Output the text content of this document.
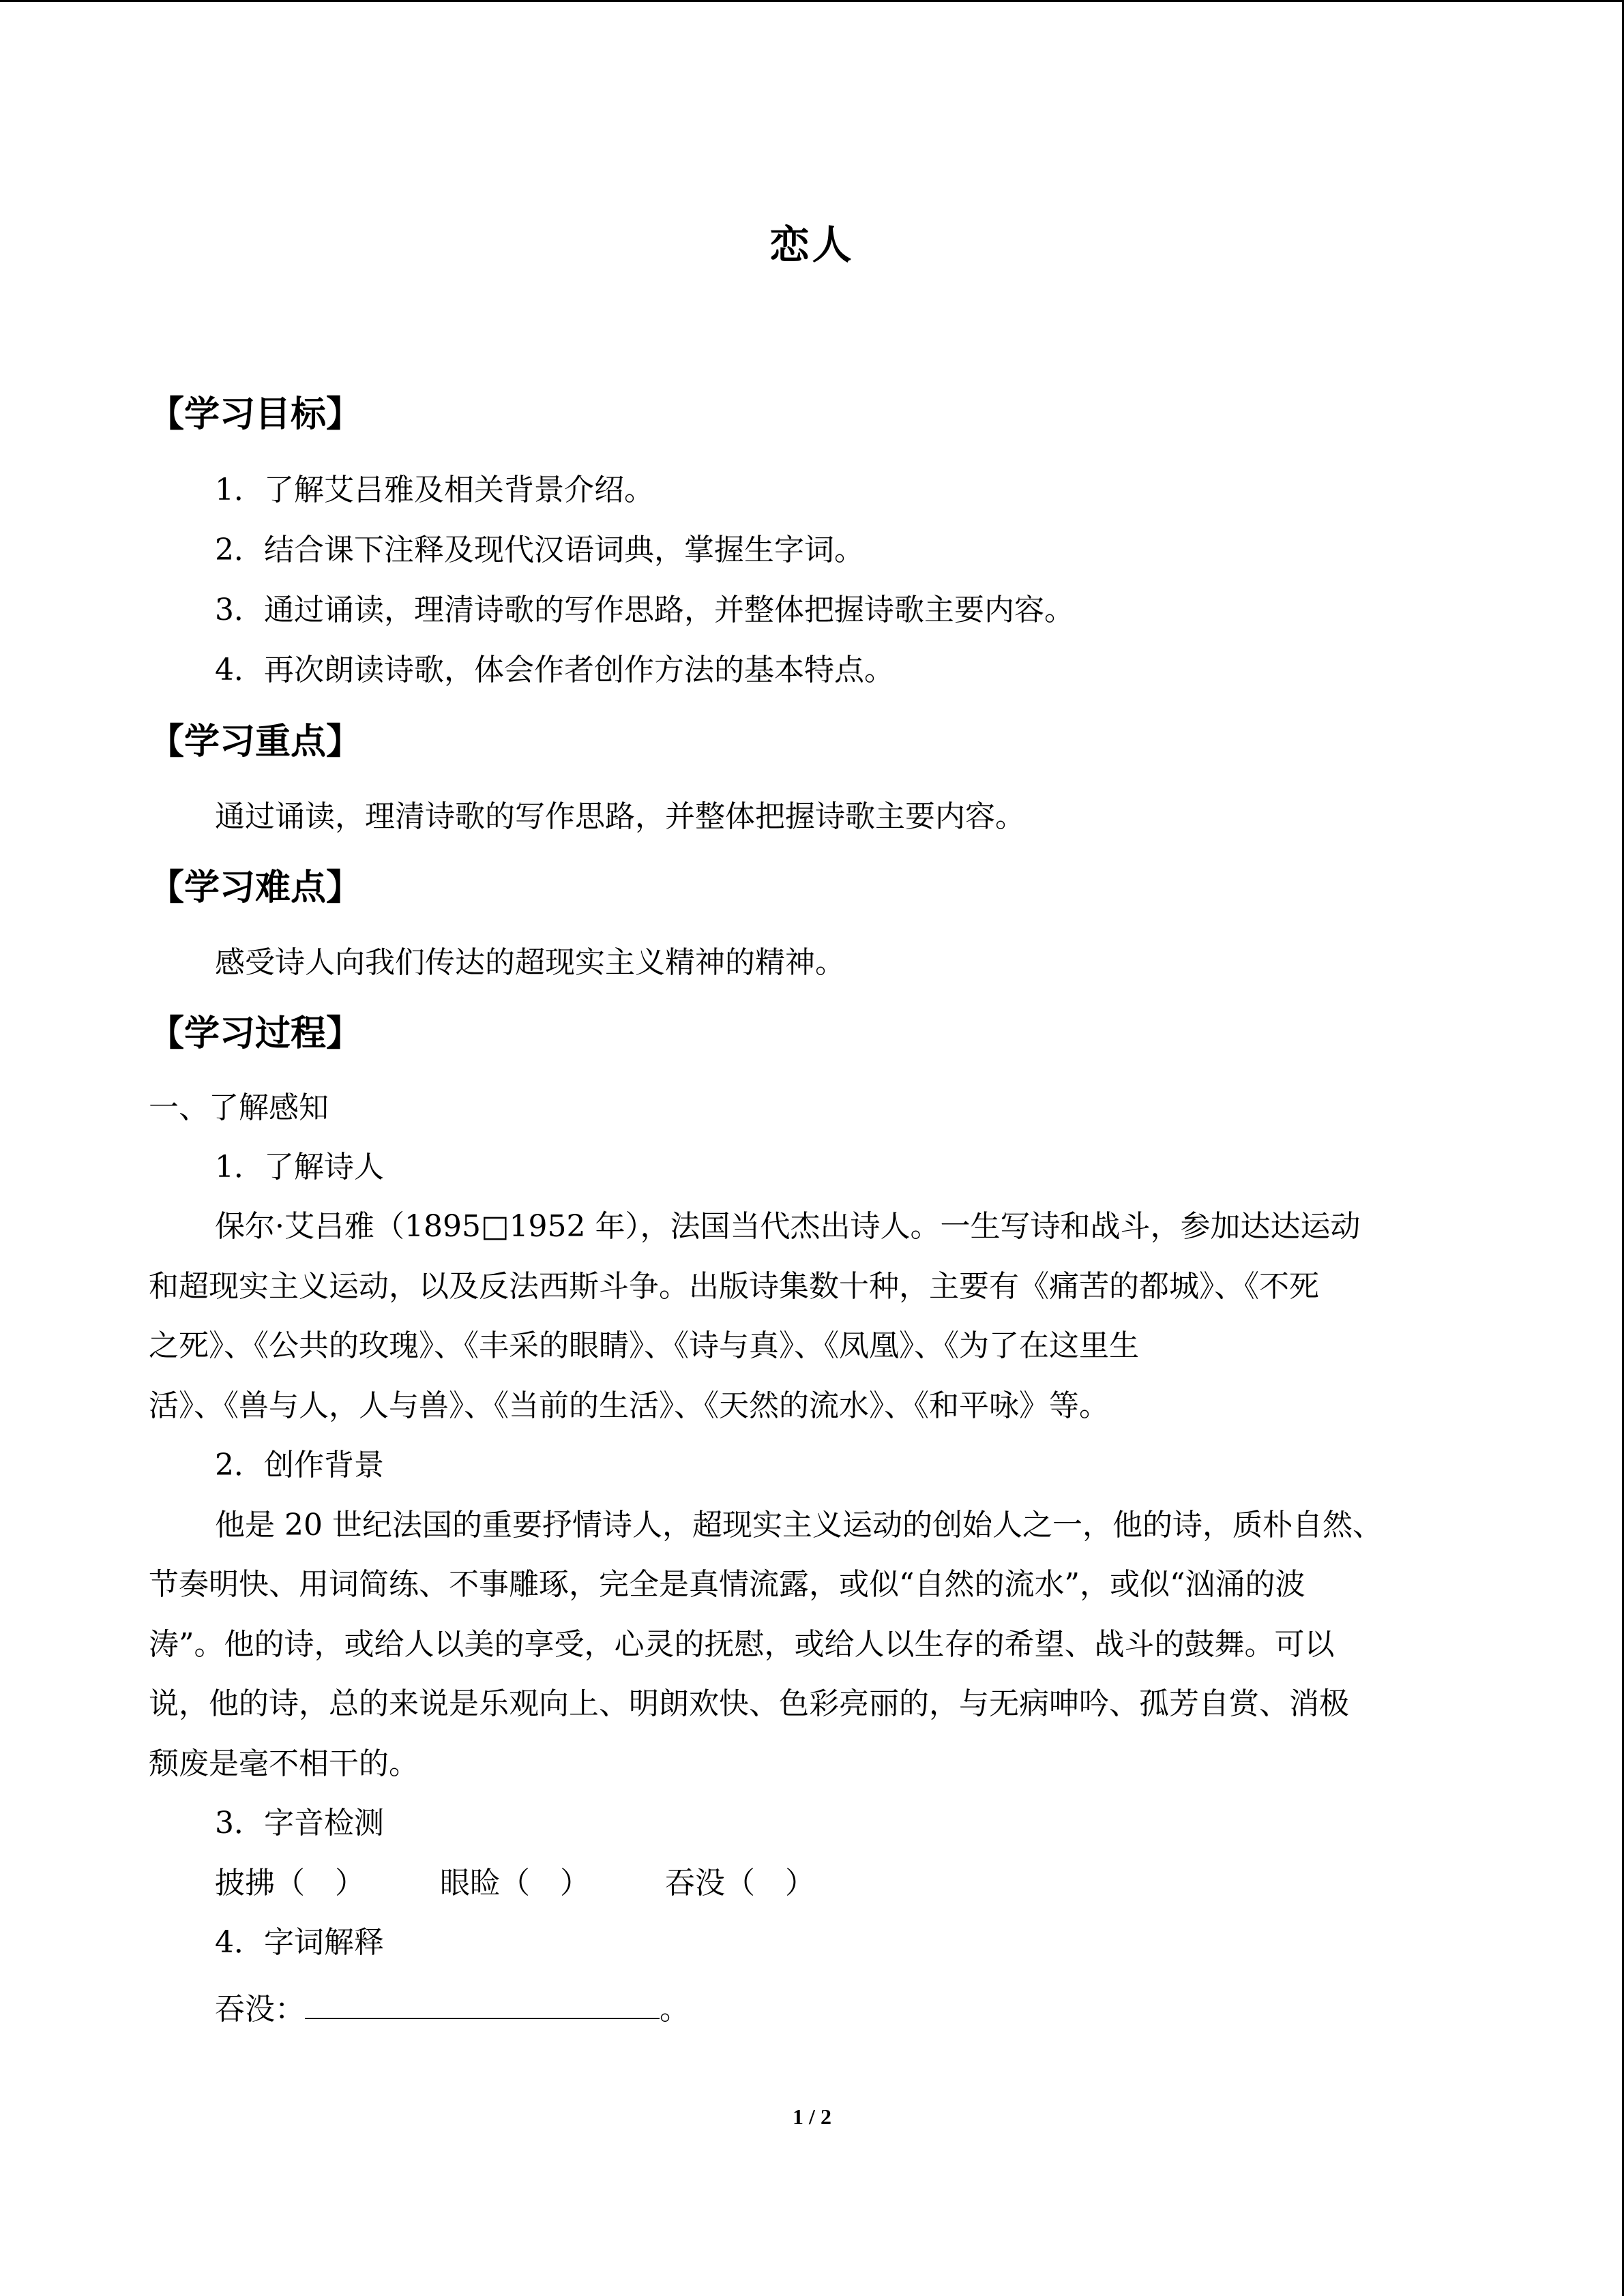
恋人
【学习目标】
1．了解艾吕雅及相关背景介绍。
2．结合课下注释及现代汉语词典，掌握生字词。
3．通过诵读，理清诗歌的写作思路，并整体把握诗歌主要内容。
4．再次朗读诗歌，体会作者创作方法的基本特点。
【学习重点】
通过诵读，理清诗歌的写作思路，并整体把握诗歌主要内容。
【学习难点】
感受诗人向我们传达的超现实主义精神的精神。
【学习过程】
一、了解感知
1．了解诗人
保尔·艾吕雅（1895□1952 年），法国当代杰出诗人。一生写诗和战斗，参加达达运动
和超现实主义运动，以及反法西斯斗争。出版诗集数十种，主要有《痛苦的都城》、《不死
之死》、《公共的玫瑰》、《丰采的眼睛》、《诗与真》、《凤凰》、《为了在这里生
活》、《兽与人，人与兽》、《当前的生活》、《天然的流水》、《和平咏》等。
2．创作背景
他是 20 世纪法国的重要抒情诗人，超现实主义运动的创始人之一，他的诗，质朴自然、
节奏明快、用词简练、不事雕琢，完全是真情流露，或似“自然的流水”，或似“汹涌的波
涛”。他的诗，或给人以美的享受，心灵的抚慰，或给人以生存的希望、战斗的鼓舞。可以
说，他的诗，总的来说是乐观向上、明朗欢快、色彩亮丽的，与无病呻吟、孤芳自赏、消极
颓废是毫不相干的。
3．字音检测
披拂（　）	眼睑（　）	吞没（　）
4．字词解释
吞没：	。
1 / 2
